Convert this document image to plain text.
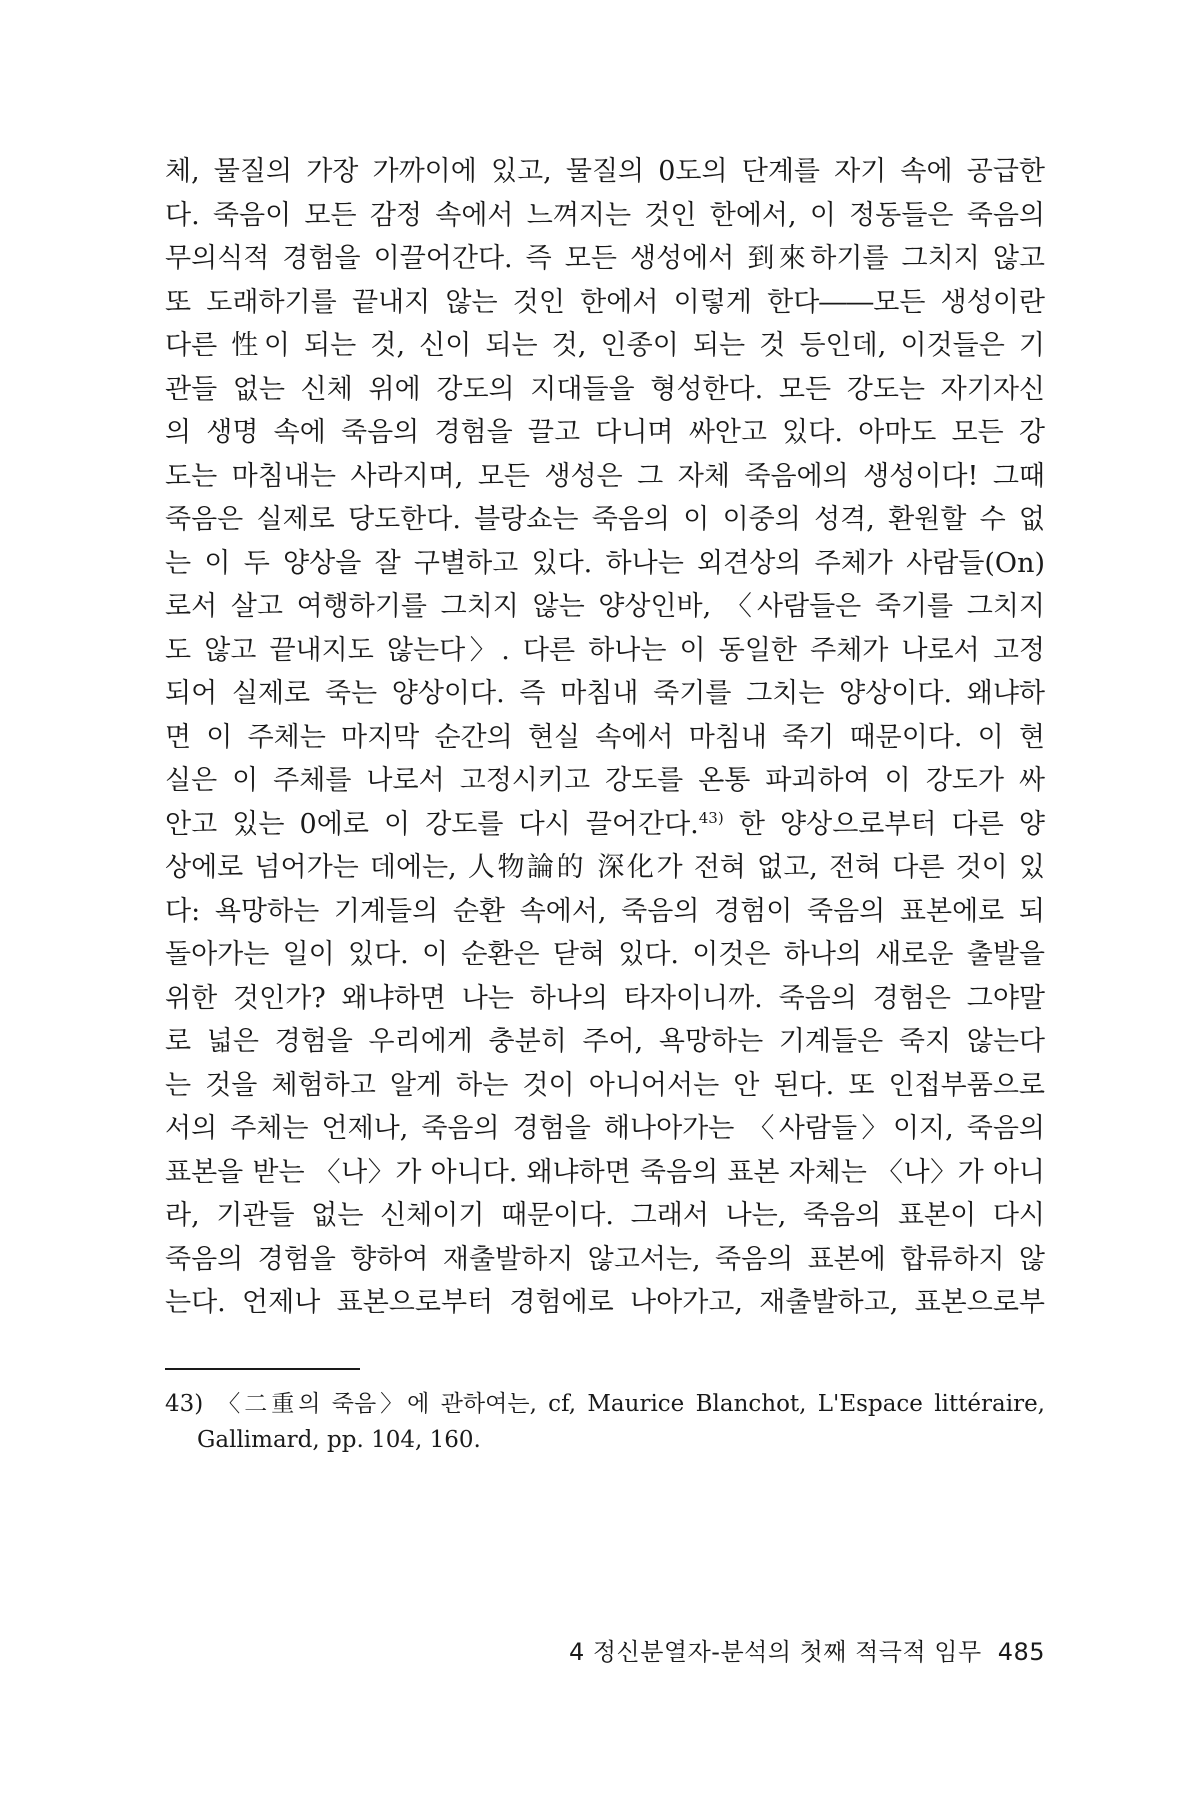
체, 물질의 가장 가까이에 있고, 물질의 0도의 단계를 자기 속에 공급한
다. 죽음이 모든 감정 속에서 느껴지는 것인 한에서, 이 정동들은 죽음의
무의식적 경험을 이끌어간다. 즉 모든 생성에서 到來하기를 그치지 않고
또 도래하기를 끝내지 않는 것인 한에서 이렇게 한다――모든 생성이란
다른 性이 되는 것, 신이 되는 것, 인종이 되는 것 등인데, 이것들은 기
관들 없는 신체 위에 강도의 지대들을 형성한다. 모든 강도는 자기자신
의 생명 속에 죽음의 경험을 끌고 다니며 싸안고 있다. 아마도 모든 강
도는 마침내는 사라지며, 모든 생성은 그 자체 죽음에의 생성이다! 그때
죽음은 실제로 당도한다. 블랑쇼는 죽음의 이 이중의 성격, 환원할 수 없
는 이 두 양상을 잘 구별하고 있다. 하나는 외견상의 주체가 사람들(On)
로서 살고 여행하기를 그치지 않는 양상인바, 〈사람들은 죽기를 그치지
도 않고 끝내지도 않는다〉. 다른 하나는 이 동일한 주체가 나로서 고정
되어 실제로 죽는 양상이다. 즉 마침내 죽기를 그치는 양상이다. 왜냐하
면 이 주체는 마지막 순간의 현실 속에서 마침내 죽기 때문이다. 이 현
실은 이 주체를 나로서 고정시키고 강도를 온통 파괴하여 이 강도가 싸
안고 있는 0에로 이 강도를 다시 끌어간다.$^{43)}$ 한 양상으로부터 다른 양
상에로 넘어가는 데에는, 人物論的 深化가 전혀 없고, 전혀 다른 것이 있
다: 욕망하는 기계들의 순환 속에서, 죽음의 경험이 죽음의 표본에로 되
돌아가는 일이 있다. 이 순환은 닫혀 있다. 이것은 하나의 새로운 출발을
위한 것인가? 왜냐하면 나는 하나의 타자이니까. 죽음의 경험은 그야말
로 넓은 경험을 우리에게 충분히 주어, 욕망하는 기계들은 죽지 않는다
는 것을 체험하고 알게 하는 것이 아니어서는 안 된다. 또 인접부품으로
서의 주체는 언제나, 죽음의 경험을 해나아가는 〈사람들〉이지, 죽음의
표본을 받는 〈나〉가 아니다. 왜냐하면 죽음의 표본 자체는 〈나〉가 아니
라, 기관들 없는 신체이기 때문이다. 그래서 나는, 죽음의 표본이 다시
죽음의 경험을 향하여 재출발하지 않고서는, 죽음의 표본에 합류하지 않
는다. 언제나 표본으로부터 경험에로 나아가고, 재출발하고, 표본으로부
43) 〈二重의 죽음〉에 관하여는, cf, Maurice Blanchot, L'Espace littéraire,
Gallimard, pp. 104, 160.
4 정신분열자-분석의 첫째 적극적 임무 485
